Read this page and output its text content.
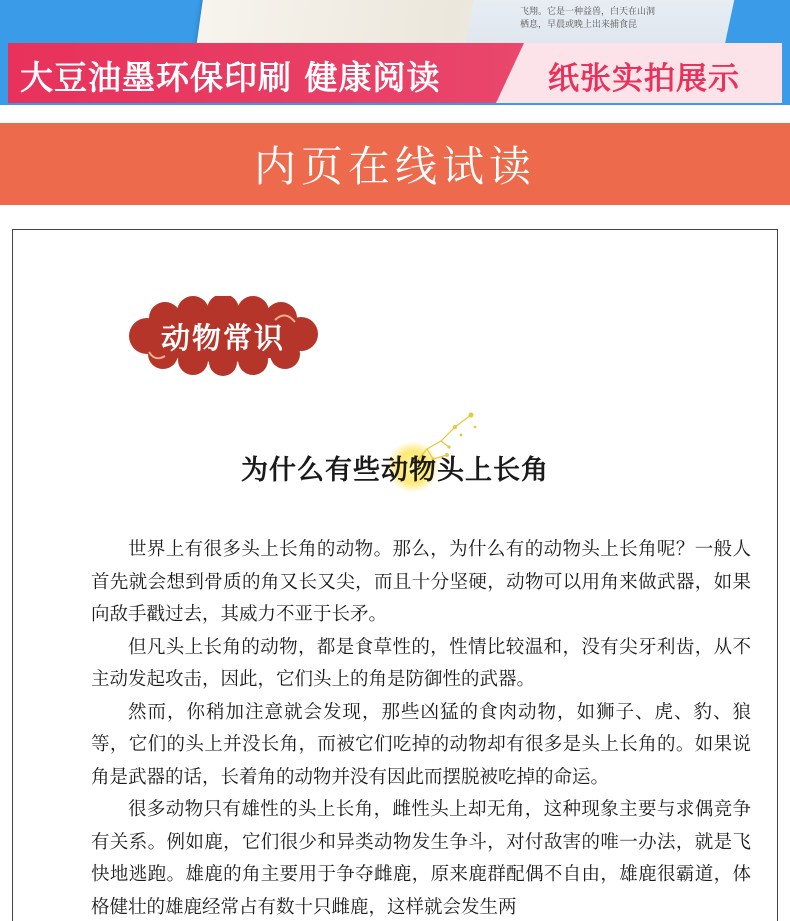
飞翔。它是一种益兽，白天在山洞
栖息，早晨或晚上出来捕食昆
大豆油墨环保印刷 健康阅读	纸张实拍展示
内页在线试读
动物常识
为什么有些动物头上长角

世界上有很多头上长角的动物。那么，为什么有的动物头上长角呢？一般人首先就会想到骨质的角又长又尖，而且十分坚硬，动物可以用角来做武器，如果向敌手戳过去，其威力不亚于长矛。

但凡头上长角的动物，都是食草性的，性情比较温和，没有尖牙利齿，从不主动发起攻击，因此，它们头上的角是防御性的武器。

然而，你稍加注意就会发现，那些凶猛的食肉动物，如狮子、虎、豹、狼等，它们的头上并没长角，而被它们吃掉的动物却有很多是头上长角的。如果说角是武器的话，长着角的动物并没有因此而摆脱被吃掉的命运。

很多动物只有雄性的头上长角，雌性头上却无角，这种现象主要与求偶竞争有关系。例如鹿，它们很少和异类动物发生争斗，对付敌害的唯一办法，就是飞快地逃跑。雄鹿的角主要用于争夺雌鹿，原来鹿群配偶不自由，雄鹿很霸道，体格健壮的雄鹿经常占有数十只雌鹿，这样就会发生两
